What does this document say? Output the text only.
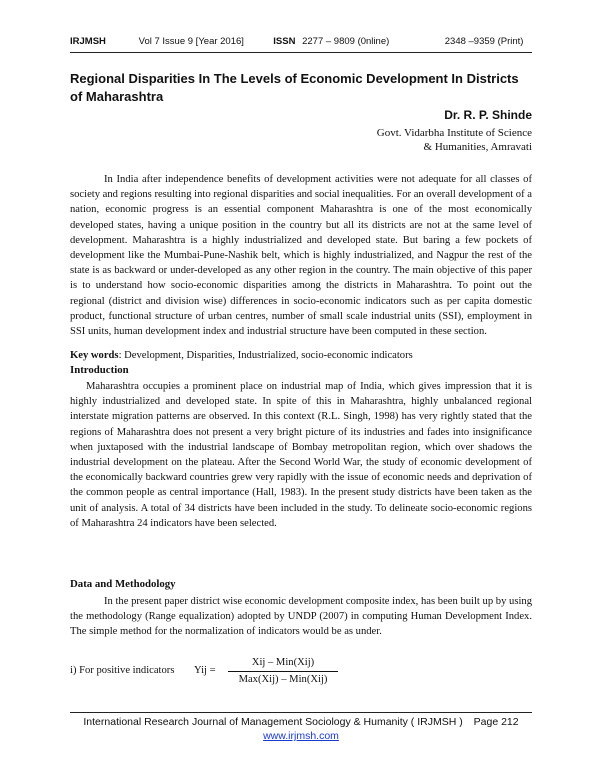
IRJMSH	Vol 7 Issue 9 [Year 2016]	ISSN 2277 – 9809 (0nline)	2348 –9359 (Print)
Regional Disparities In The Levels of Economic Development In Districts of Maharashtra
Dr. R. P. Shinde
Govt. Vidarbha Institute of Science
& Humanities, Amravati

In India after independence benefits of development activities were not adequate for all classes of society and regions resulting into regional disparities and social inequalities. For an overall development of a nation, economic progress is an essential component Maharashtra is one of the most economically developed states, having a unique position in the country but all its districts are not at the same level of development. Maharashtra is a highly industrialized and developed state. But baring a few pockets of development like the Mumbai-Pune-Nashik belt, which is highly industrialized, and Nagpur the rest of the state is as backward or under-developed as any other region in the country. The main objective of this paper is to understand how socio-economic disparities among the districts in Maharashtra. To point out the regional (district and division wise) differences in socio-economic indicators such as per capita domestic product, functional structure of urban centres, number of small scale industrial units (SSI), employment in SSI units, human development index and industrial structure have been computed in these section.

Key words: Development, Disparities, Industrialized, socio-economic indicators

Introduction

Maharashtra occupies a prominent place on industrial map of India, which gives impression that it is highly industrialized and developed state. In spite of this in Maharashtra, highly unbalanced regional interstate migration patterns are observed. In this context (R.L. Singh, 1998) has very rightly stated that the regions of Maharashtra does not present a very bright picture of its industries and fades into insignificance when juxtaposed with the industrial landscape of Bombay metropolitan region, which over shadows the industrial development on the plateau. After the Second World War, the study of economic development of the economically backward countries grew very rapidly with the issue of economic needs and deprivation of the common people as central importance (Hall, 1983). In the present study districts have been taken as the unit of analysis. A total of 34 districts have been included in the study. To delineate socio-economic regions of Maharashtra 24 indicators have been selected.

Data and Methodology

In the present paper district wise economic development composite index, has been built up by using the methodology (Range equalization) adopted by UNDP (2007) in computing Human Development Index. The simple method for the normalization of indicators would be as under.

i) For positive indicators Yij =
Xij – Min(Xij)
Max(Xij) – Min(Xij)
International Research Journal of Management Sociology & Humanity ( IRJMSH ) Page 212
www.irjmsh.com
